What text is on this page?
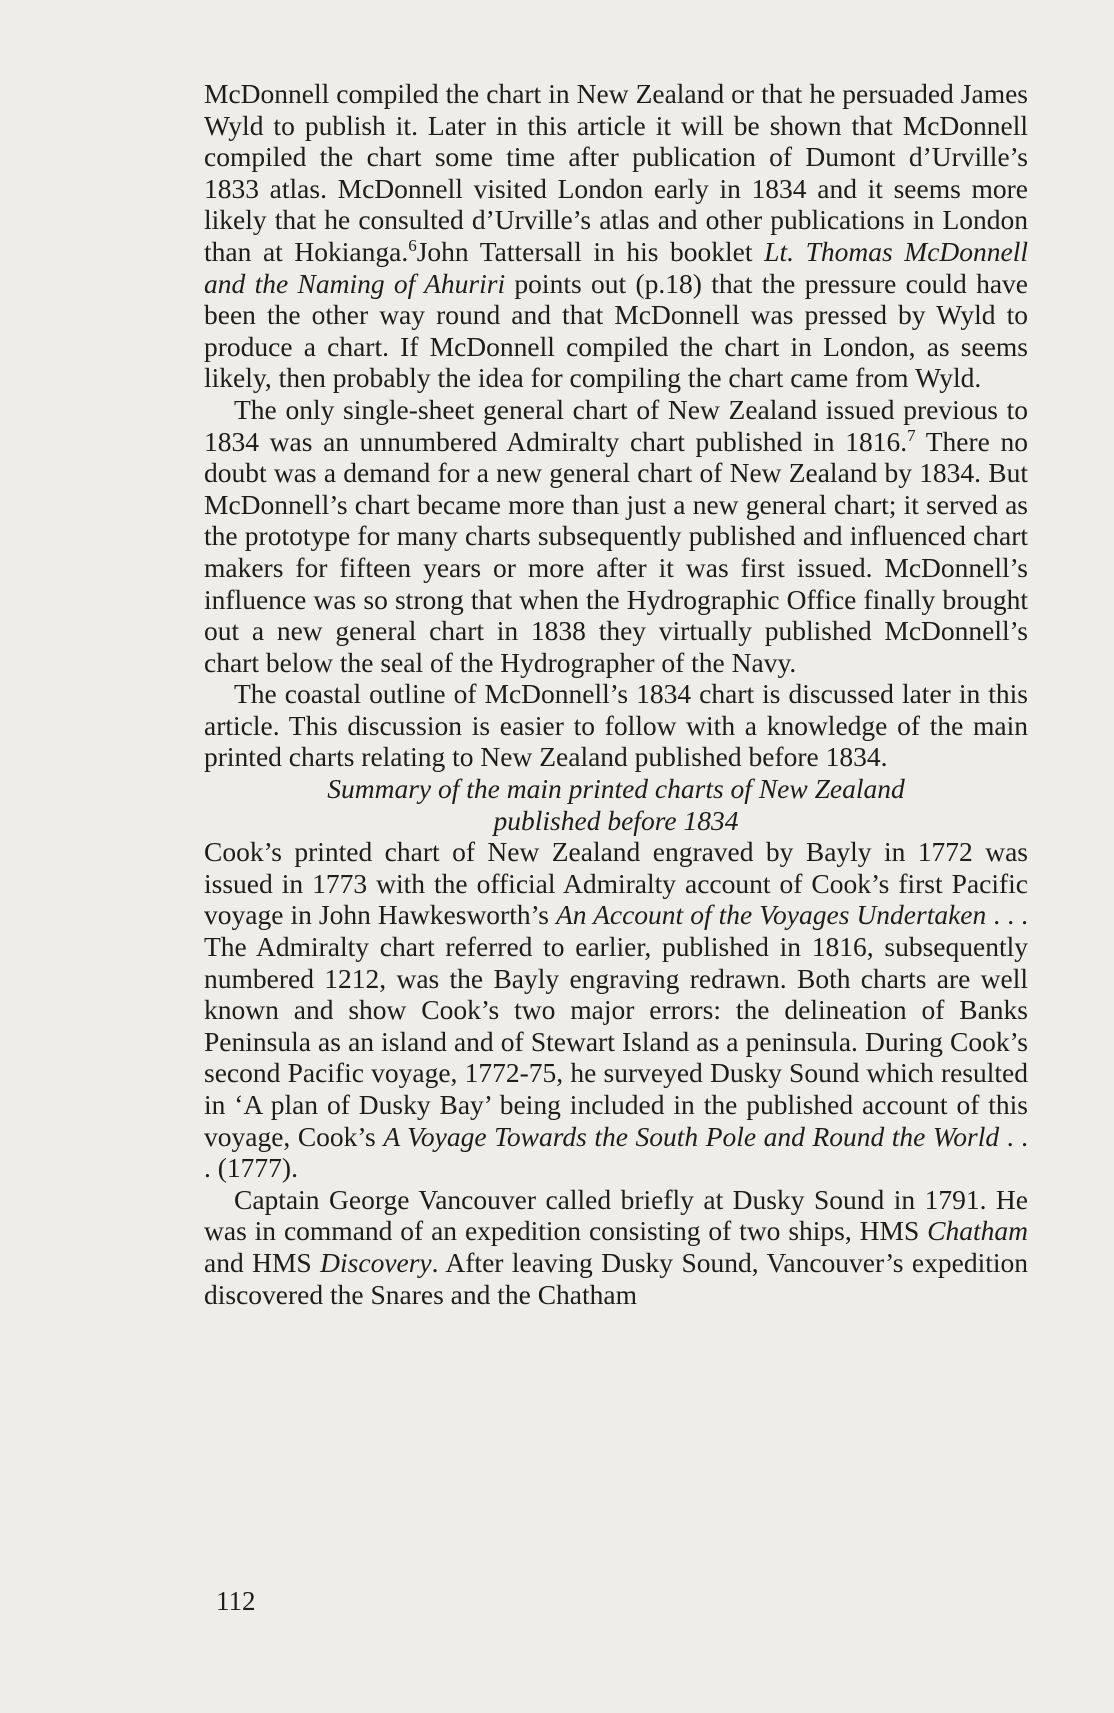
McDonnell compiled the chart in New Zealand or that he persuaded James Wyld to publish it. Later in this article it will be shown that McDonnell compiled the chart some time after publication of Dumont d’Urville’s 1833 atlas. McDonnell visited London early in 1834 and it seems more likely that he consulted d’Urville’s atlas and other publications in London than at Hokianga.$^6$John Tattersall in his booklet Lt. Thomas McDonnell and the Naming of Ahuriri points out (p.18) that the pressure could have been the other way round and that McDonnell was pressed by Wyld to produce a chart. If McDonnell compiled the chart in London, as seems likely, then probably the idea for compiling the chart came from Wyld.

The only single-sheet general chart of New Zealand issued previous to 1834 was an unnumbered Admiralty chart published in 1816.$^7$ There no doubt was a demand for a new general chart of New Zealand by 1834. But McDonnell’s chart became more than just a new general chart; it served as the prototype for many charts subsequently published and influenced chart makers for fifteen years or more after it was first issued. McDonnell’s influence was so strong that when the Hydrographic Office finally brought out a new general chart in 1838 they virtually published McDonnell’s chart below the seal of the Hydrographer of the Navy.

The coastal outline of McDonnell’s 1834 chart is discussed later in this article. This discussion is easier to follow with a knowledge of the main printed charts relating to New Zealand published before 1834.

Summary of the main printed charts of New Zealand
published before 1834

Cook’s printed chart of New Zealand engraved by Bayly in 1772 was issued in 1773 with the official Admiralty account of Cook’s first Pacific voyage in John Hawkesworth’s An Account of the Voyages Undertaken . . . The Admiralty chart referred to earlier, published in 1816, subsequently numbered 1212, was the Bayly engraving redrawn. Both charts are well known and show Cook’s two major errors: the delineation of Banks Peninsula as an island and of Stewart Island as a peninsula. During Cook’s second Pacific voyage, 1772-75, he surveyed Dusky Sound which resulted in ‘A plan of Dusky Bay’ being included in the published account of this voyage, Cook’s A Voyage Towards the South Pole and Round the World . . . (1777).

Captain George Vancouver called briefly at Dusky Sound in 1791. He was in command of an expedition consisting of two ships, HMS Chatham and HMS Discovery. After leaving Dusky Sound, Vancouver’s expedition discovered the Snares and the Chatham

112
